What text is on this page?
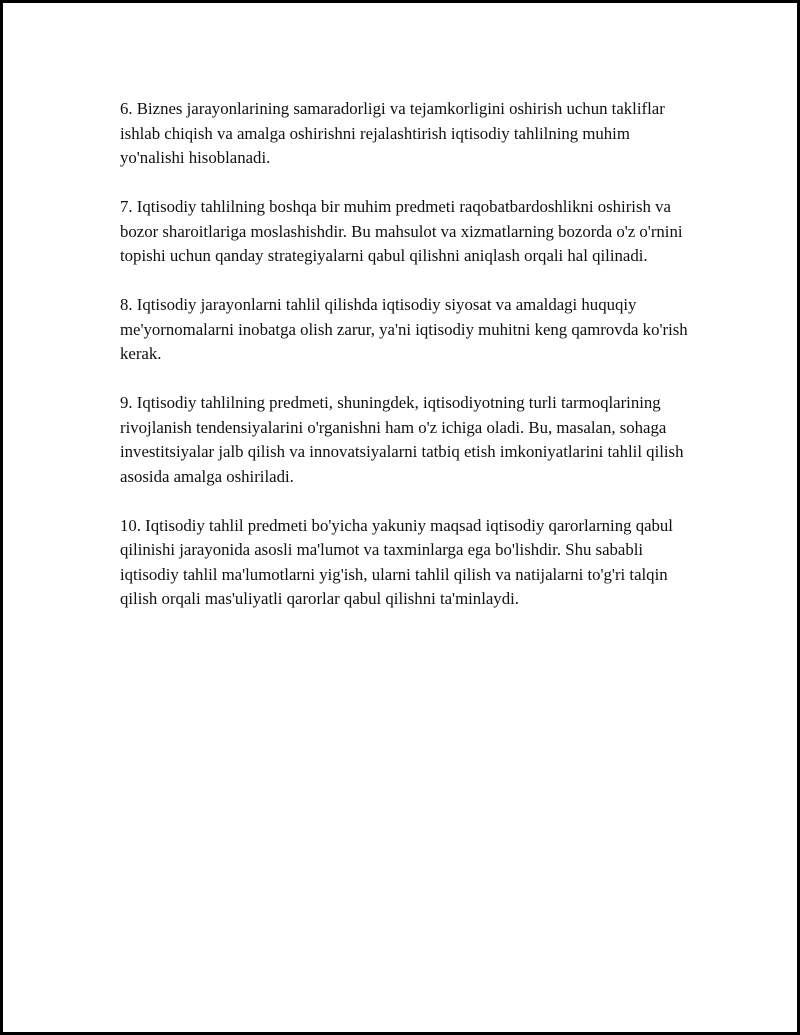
6. Biznes jarayonlarining samaradorligi va tejamkorligini oshirish uchun takliflar ishlab chiqish va amalga oshirishni rejalashtirish iqtisodiy tahlilning muhim yo'nalishi hisoblanadi.

7. Iqtisodiy tahlilning boshqa bir muhim predmeti raqobatbardoshlikni oshirish va bozor sharoitlariga moslashishdir. Bu mahsulot va xizmatlarning bozorda o'z o'rnini topishi uchun qanday strategiyalarni qabul qilishni aniqlash orqali hal qilinadi.

8. Iqtisodiy jarayonlarni tahlil qilishda iqtisodiy siyosat va amaldagi huquqiy me'yornomalarni inobatga olish zarur, ya'ni iqtisodiy muhitni keng qamrovda ko'rish kerak.

9. Iqtisodiy tahlilning predmeti, shuningdek, iqtisodiyotning turli tarmoqlarining rivojlanish tendensiyalarini o'rganishni ham o'z ichiga oladi. Bu, masalan, sohaga investitsiyalar jalb qilish va innovatsiyalarni tatbiq etish imkoniyatlarini tahlil qilish asosida amalga oshiriladi.

10. Iqtisodiy tahlil predmeti bo'yicha yakuniy maqsad iqtisodiy qarorlarning qabul qilinishi jarayonida asosli ma'lumot va taxminlarga ega bo'lishdir. Shu sababli iqtisodiy tahlil ma'lumotlarni yig'ish, ularni tahlil qilish va natijalarni to'g'ri talqin qilish orqali mas'uliyatli qarorlar qabul qilishni ta'minlaydi.
